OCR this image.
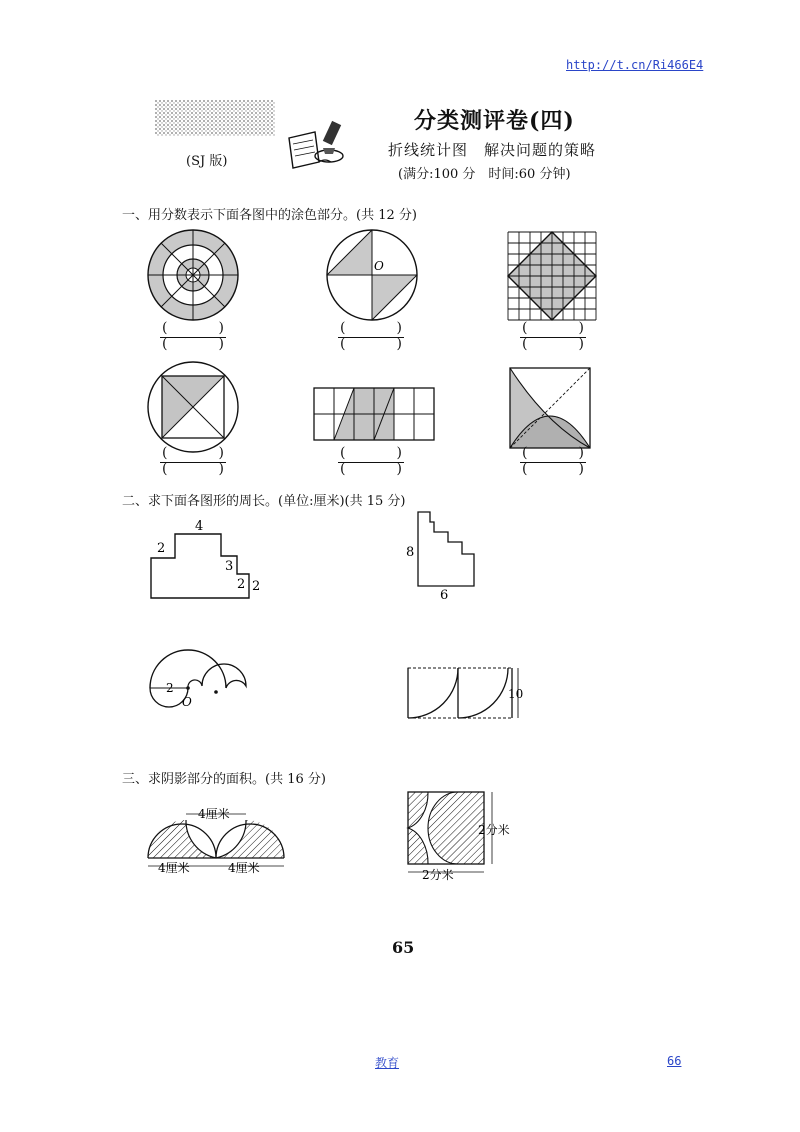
http://t.cn/Ri466E4
(SJ 版)
分类测评卷(四)
折线统计图　解决问题的策略
(满分:100 分　时间:60 分钟)
一、用分数表示下面各图中的涂色部分。(共 12 分)
O
(	)
(	)
(	)
(	)
(	)
(	)
(	)
(	)
(	)
(	)
(	)
(	)
二、求下面各图形的周长。(单位:厘米)(共 15 分)
4
2
3
2 2
8
6
2
O
10
三、求阴影部分的面积。(共 16 分)
4厘米
4厘米	4厘米
2分米
2分米
65
教育	66
